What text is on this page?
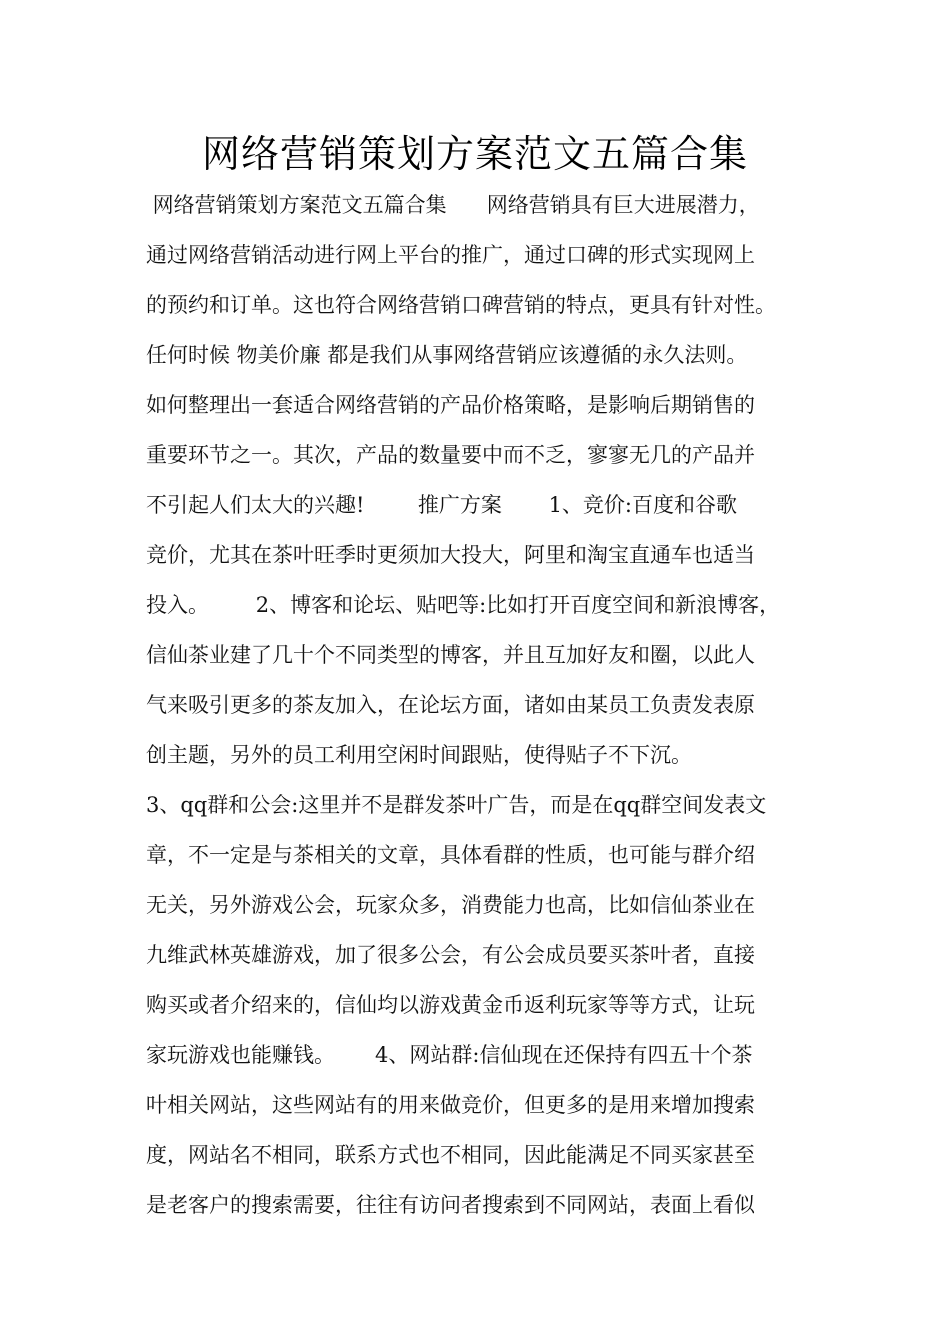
网络营销策划方案范文五篇合集
网络营销策划方案范文五篇合集      网络营销具有巨大进展潜力，
通过网络营销活动进行网上平台的推广，通过口碑的形式实现网上
的预约和订单。这也符合网络营销口碑营销的特点，更具有针对性。
任何时候 物美价廉 都是我们从事网络营销应该遵循的永久法则。
如何整理出一套适合网络营销的产品价格策略，是影响后期销售的
重要环节之一。其次，产品的数量要中而不乏，寥寥无几的产品并
不引起人们太大的兴趣!        推广方案       1、竞价:百度和谷歌
竞价，尤其在茶叶旺季时更须加大投大，阿里和淘宝直通车也适当
投入。       2、博客和论坛、贴吧等:比如打开百度空间和新浪博客，
信仙茶业建了几十个不同类型的博客，并且互加好友和圈，以此人
气来吸引更多的茶友加入，在论坛方面，诸如由某员工负责发表原
创主题，另外的员工利用空闲时间跟贴，使得贴子不下沉。
3、qq群和公会:这里并不是群发茶叶广告，而是在qq群空间发表文
章，不一定是与茶相关的文章，具体看群的性质，也可能与群介绍
无关，另外游戏公会，玩家众多，消费能力也高，比如信仙茶业在
九维武林英雄游戏，加了很多公会，有公会成员要买茶叶者，直接
购买或者介绍来的，信仙均以游戏黄金币返利玩家等等方式，让玩
家玩游戏也能赚钱。      4、网站群:信仙现在还保持有四五十个茶
叶相关网站，这些网站有的用来做竞价，但更多的是用来增加搜索
度，网站名不相同，联系方式也不相同，因此能满足不同买家甚至
是老客户的搜索需要，往往有访问者搜索到不同网站，表面上看似
